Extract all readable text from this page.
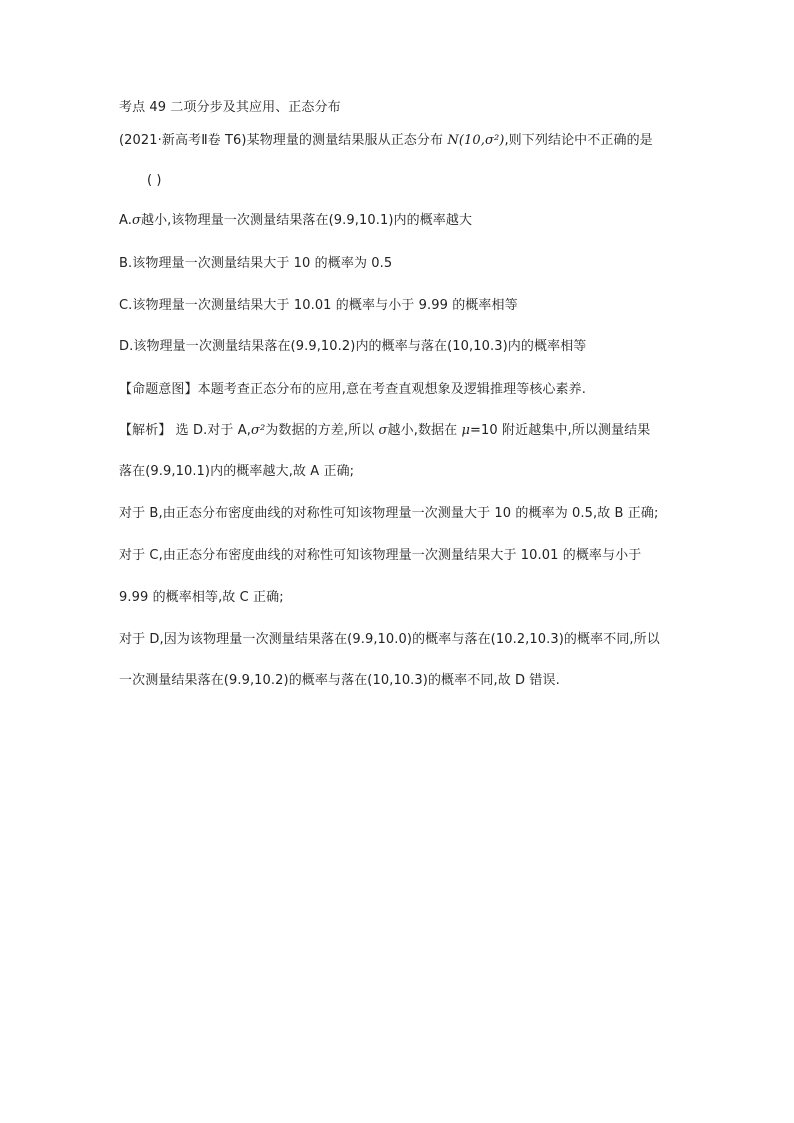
考点 49 二项分步及其应用、正态分布
(2021·新高考Ⅱ卷 T6)某物理量的测量结果服从正态分布 N(10,σ²),则下列结论中不正确的是
( )
A.σ越小,该物理量一次测量结果落在(9.9,10.1)内的概率越大
B.该物理量一次测量结果大于 10 的概率为 0.5
C.该物理量一次测量结果大于 10.01 的概率与小于 9.99 的概率相等
D.该物理量一次测量结果落在(9.9,10.2)内的概率与落在(10,10.3)内的概率相等
【命题意图】本题考查正态分布的应用,意在考查直观想象及逻辑推理等核心素养.
【解析】 选 D.对于 A,σ²为数据的方差,所以 σ越小,数据在 μ=10 附近越集中,所以测量结果
落在(9.9,10.1)内的概率越大,故 A 正确;
对于 B,由正态分布密度曲线的对称性可知该物理量一次测量大于 10 的概率为 0.5,故 B 正确;
对于 C,由正态分布密度曲线的对称性可知该物理量一次测量结果大于 10.01 的概率与小于
9.99 的概率相等,故 C 正确;
对于 D,因为该物理量一次测量结果落在(9.9,10.0)的概率与落在(10.2,10.3)的概率不同,所以
一次测量结果落在(9.9,10.2)的概率与落在(10,10.3)的概率不同,故 D 错误.
